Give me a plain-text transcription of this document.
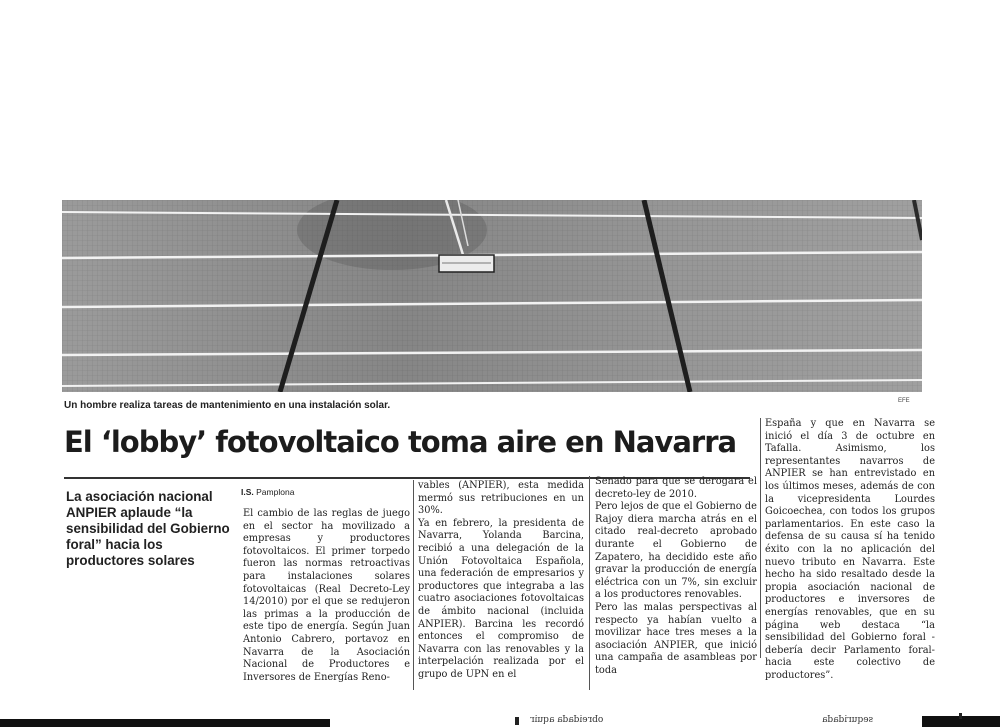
Un hombre realiza tareas de mantenimiento en una instalación solar.	EFE
El ‘lobby’ fotovoltaico toma aire en Navarra
La asociación nacional ANPIER aplaude “la sensibilidad del Gobierno foral” hacia los productores solares
I.S. Pamplona

El cambio de las reglas de juego en el sector ha movilizado a empresas y productores fotovoltaicos. El primer torpedo fueron las normas retroactivas para instalaciones solares fotovoltaicas (Real Decreto-Ley 14/2010) por el que se redujeron las primas a la producción de este tipo de energía. Según Juan Antonio Cabrero, portavoz en Navarra de la Asociación Nacional de Productores e Inversores de Energías Reno-

vables (ANPIER), esta medida mermó sus retribuciones en un 30%.
Ya en febrero, la presidenta de Navarra, Yolanda Barcina, recibió a una delegación de la Unión Fotovoltaica Española, una federación de empresarios y productores que integraba a las cuatro asociaciones fotovoltaicas de ámbito nacional (incluida ANPIER). Barcina les recordó entonces el compromiso de Navarra con las renovables y la interpelación realizada por el grupo de UPN en el

Senado para que se derogara el decreto-ley de 2010.
Pero lejos de que el Gobierno de Rajoy diera marcha atrás en el citado real-decreto aprobado durante el Gobierno de Zapatero, ha decidido este año gravar la producción de energía eléctrica con un 7%, sin excluir a los productores renovables.
Pero las malas perspectivas al respecto ya habían vuelto a movilizar hace tres meses a la asociación ANPIER, que inició una campaña de asambleas por toda

España y que en Navarra se inició el día 3 de octubre en Tafalla. Asimismo, los representantes navarros de ANPIER se han entrevistado en los últimos meses, además de con la vicepresidenta Lourdes Goicoechea, con todos los grupos parlamentarios. En este caso la defensa de su causa sí ha tenido éxito con la no aplicación del nuevo tributo en Navarra. Este hecho ha sido resaltado desde la propia asociación nacional de productores e inversores de energías renovables, que en su página web destaca “la sensibilidad del Gobierno foral -debería decir Parlamento foral- hacia este colectivo de productores”.

ɹᴉnbɐ ɐpɐpᴉǝɹqo	ɐpɐpᴉɹnbǝs
